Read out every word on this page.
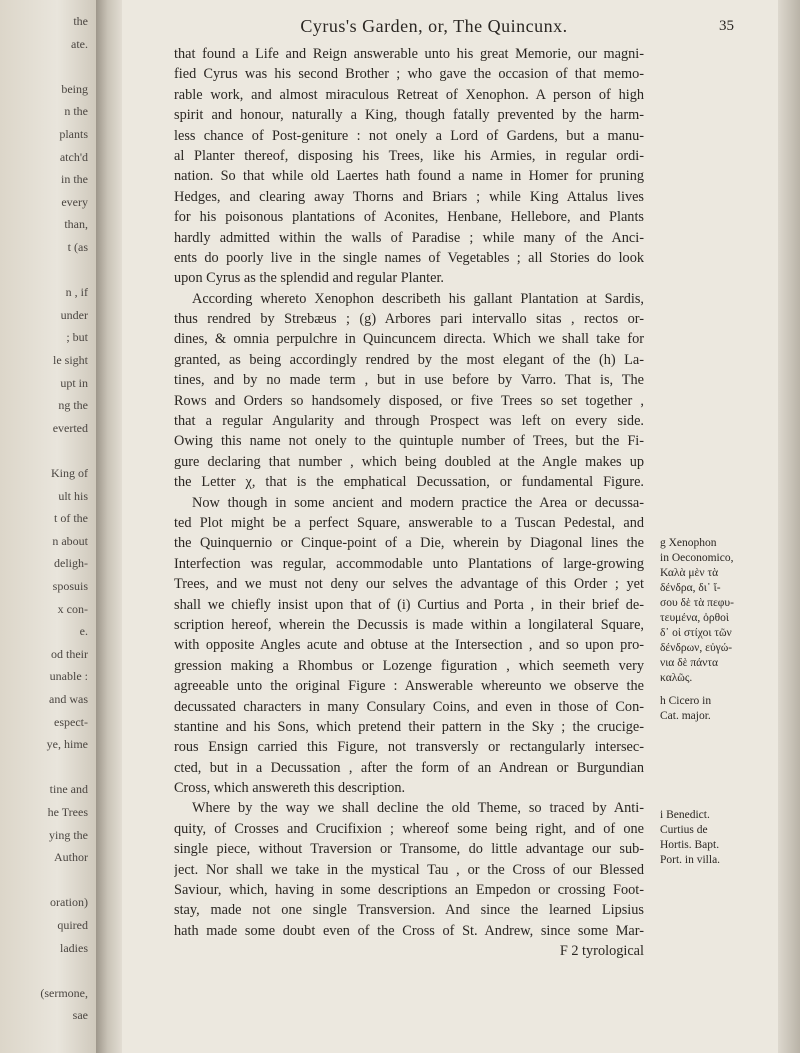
the
ate.
being
n the
plants
atch'd
in the
every
than,
t (as
n , if
under
; but
le sight
upt in
ng the
everted
King of
ult his
t of the
n about
deligh-
sposuis
x con-
e.
od their
unable :
and was
espect-
ye, hime
tine and
he Trees
ying the
Author
oration)
quired
ladies
(sermone,
sae
Cyrus's Garden, or, The Quincunx.	35
that found a Life and Reign answerable unto his great Memorie, our magni-
fied Cyrus was his second Brother ; who gave the occasion of that memo-
rable work, and almost miraculous Retreat of Xenophon. A person of high
spirit and honour, naturally a King, though fatally prevented by the harm-
less chance of Post-geniture : not onely a Lord of Gardens, but a manu-
al Planter thereof, disposing his Trees, like his Armies, in regular ordi-
nation. So that while old Laertes hath found a name in Homer for pruning
Hedges, and clearing away Thorns and Briars ; while King Attalus lives
for his poisonous plantations of Aconites, Henbane, Hellebore, and Plants
hardly admitted within the walls of Paradise ; while many of the Anci-
ents do poorly live in the single names of Vegetables ; all Stories do look
upon Cyrus as the splendid and regular Planter.
According whereto Xenophon describeth his gallant Plantation at Sardis,
thus rendred by Strebæus ; (g) Arbores pari intervallo sitas , rectos or-
dines, & omnia perpulchre in Quincuncem directa. Which we shall take for
granted, as being accordingly rendred by the most elegant of the (h) La-
tines, and by no made term , but in use before by Varro. That is, The
Rows and Orders so handsomely disposed, or five Trees so set together ,
that a regular Angularity and through Prospect was left on every side.
Owing this name not onely to the quintuple number of Trees, but the Fi-
gure declaring that number , which being doubled at the Angle makes up
the Letter χ, that is the emphatical Decussation, or fundamental Figure.
Now though in some ancient and modern practice the Area or decussa-
ted Plot might be a perfect Square, answerable to a Tuscan Pedestal, and
the Quinquernio or Cinque-point of a Die, wherein by Diagonal lines the
Interfection was regular, accommodable unto Plantations of large-growing
Trees, and we must not deny our selves the advantage of this Order ; yet
shall we chiefly insist upon that of (i) Curtius and Porta , in their brief de-
scription hereof, wherein the Decussis is made within a longilateral Square,
with opposite Angles acute and obtuse at the Intersection , and so upon pro-
gression making a Rhombus or Lozenge figuration , which seemeth very
agreeable unto the original Figure : Answerable whereunto we observe the
decussated characters in many Consulary Coins, and even in those of Con-
stantine and his Sons, which pretend their pattern in the Sky ; the crucige-
rous Ensign carried this Figure, not transversly or rectangularly intersec-
cted, but in a Decussation , after the form of an Andrean or Burgundian
Cross, which answereth this description.
Where by the way we shall decline the old Theme, so traced by Anti-
quity, of Crosses and Crucifixion ; whereof some being right, and of one
single piece, without Traversion or Transome, do little advantage our sub-
ject. Nor shall we take in the mystical Tau , or the Cross of our Blessed
Saviour, which, having in some descriptions an Empedon or crossing Foot-
stay, made not one single Transversion. And since the learned Lipsius
hath made some doubt even of the Cross of St. Andrew, since some Mar-
F 2 tyrological
g Xenophon
in Oeconomico,
Καλὰ μὲν τὰ
δένδρα, δι᾽ ἴ-
σου δὲ τὰ πεφυ-
τευμένα, ὀρθοὶ
δ᾽ οἱ στίχοι τῶν
δένδρων, εὐγώ-
νια δὲ πάντα
καλῶς.
h Cicero in
Cat. major.
i Benedict.
Curtius de
Hortis. Bapt.
Port. in villa.
